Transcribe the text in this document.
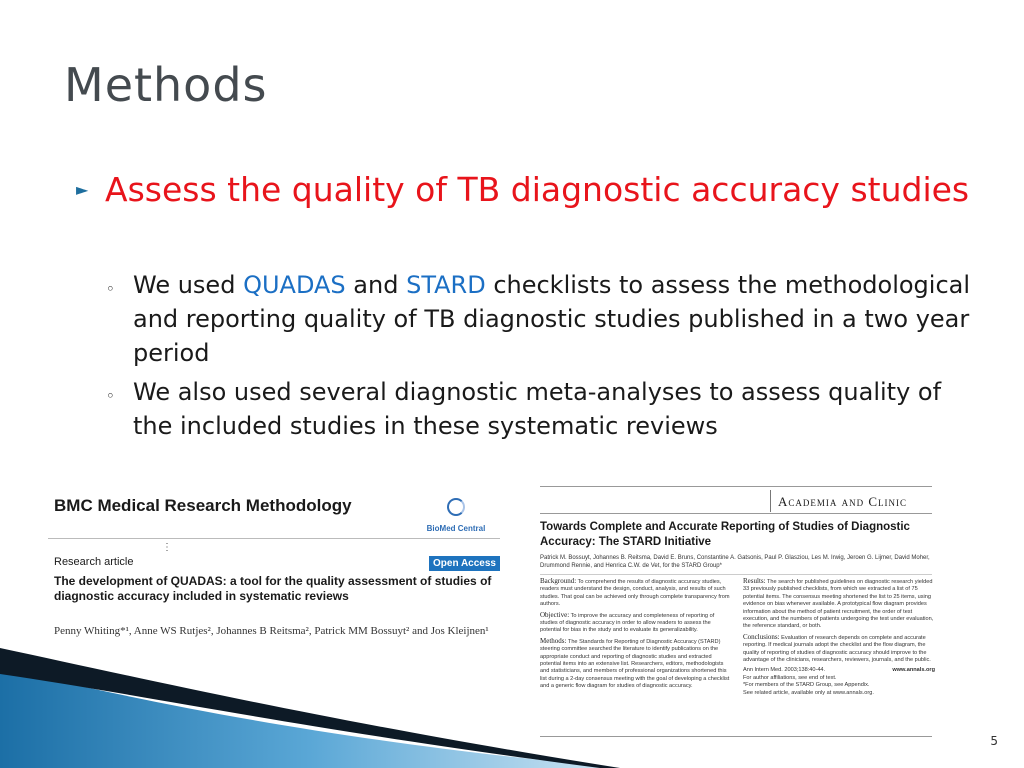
Methods
► Assess the quality of TB diagnostic accuracy studies
◦ We used QUADAS and STARD checklists to assess the methodological and reporting quality of TB diagnostic studies published in a two year period
◦ We also used several diagnostic meta-analyses to assess quality of the included studies in these systematic reviews
BMC Medical Research Methodology
BioMed Central
⋮
Research article	Open Access
The development of QUADAS: a tool for the quality assessment of studies of diagnostic accuracy included in systematic reviews
Penny Whiting*¹, Anne WS Rutjes², Johannes B Reitsma², Patrick MM Bossuyt² and Jos Kleijnen¹
Academia and Clinic
Towards Complete and Accurate Reporting of Studies of Diagnostic Accuracy: The STARD Initiative
Patrick M. Bossuyt, Johannes B. Reitsma, David E. Bruns, Constantine A. Gatsonis, Paul P. Glasziou, Les M. Irwig, Jeroen G. Lijmer, David Moher, Drummond Rennie, and Henrica C.W. de Vet, for the STARD Group*

Background: To comprehend the results of diagnostic accuracy studies, readers must understand the design, conduct, analysis, and results of such studies. That goal can be achieved only through complete transparency from authors.

Objective: To improve the accuracy and completeness of reporting of studies of diagnostic accuracy in order to allow readers to assess the potential for bias in the study and to evaluate its generalizability.

Methods: The Standards for Reporting of Diagnostic Accuracy (STARD) steering committee searched the literature to identify publications on the appropriate conduct and reporting of diagnostic studies and extracted potential items into an extensive list. Researchers, editors, methodologists and statisticians, and members of professional organizations shortened this list during a 2-day consensus meeting with the goal of developing a checklist and a generic flow diagram for studies of diagnostic accuracy.

Results: The search for published guidelines on diagnostic research yielded 33 previously published checklists, from which we extracted a list of 75 potential items. The consensus meeting shortened the list to 25 items, using evidence on bias whenever available. A prototypical flow diagram provides information about the method of patient recruitment, the order of test execution, and the numbers of patients undergoing the test under evaluation, the reference standard, or both.

Conclusions: Evaluation of research depends on complete and accurate reporting. If medical journals adopt the checklist and the flow diagram, the quality of reporting of studies of diagnostic accuracy should improve to the advantage of the clinicians, researchers, reviewers, journals, and the public.

Ann Intern Med. 2003;138:40-44.	www.annals.org

For author affiliations, see end of text.

*For members of the STARD Group, see Appendix.

See related article, available only at www.annals.org.

5
